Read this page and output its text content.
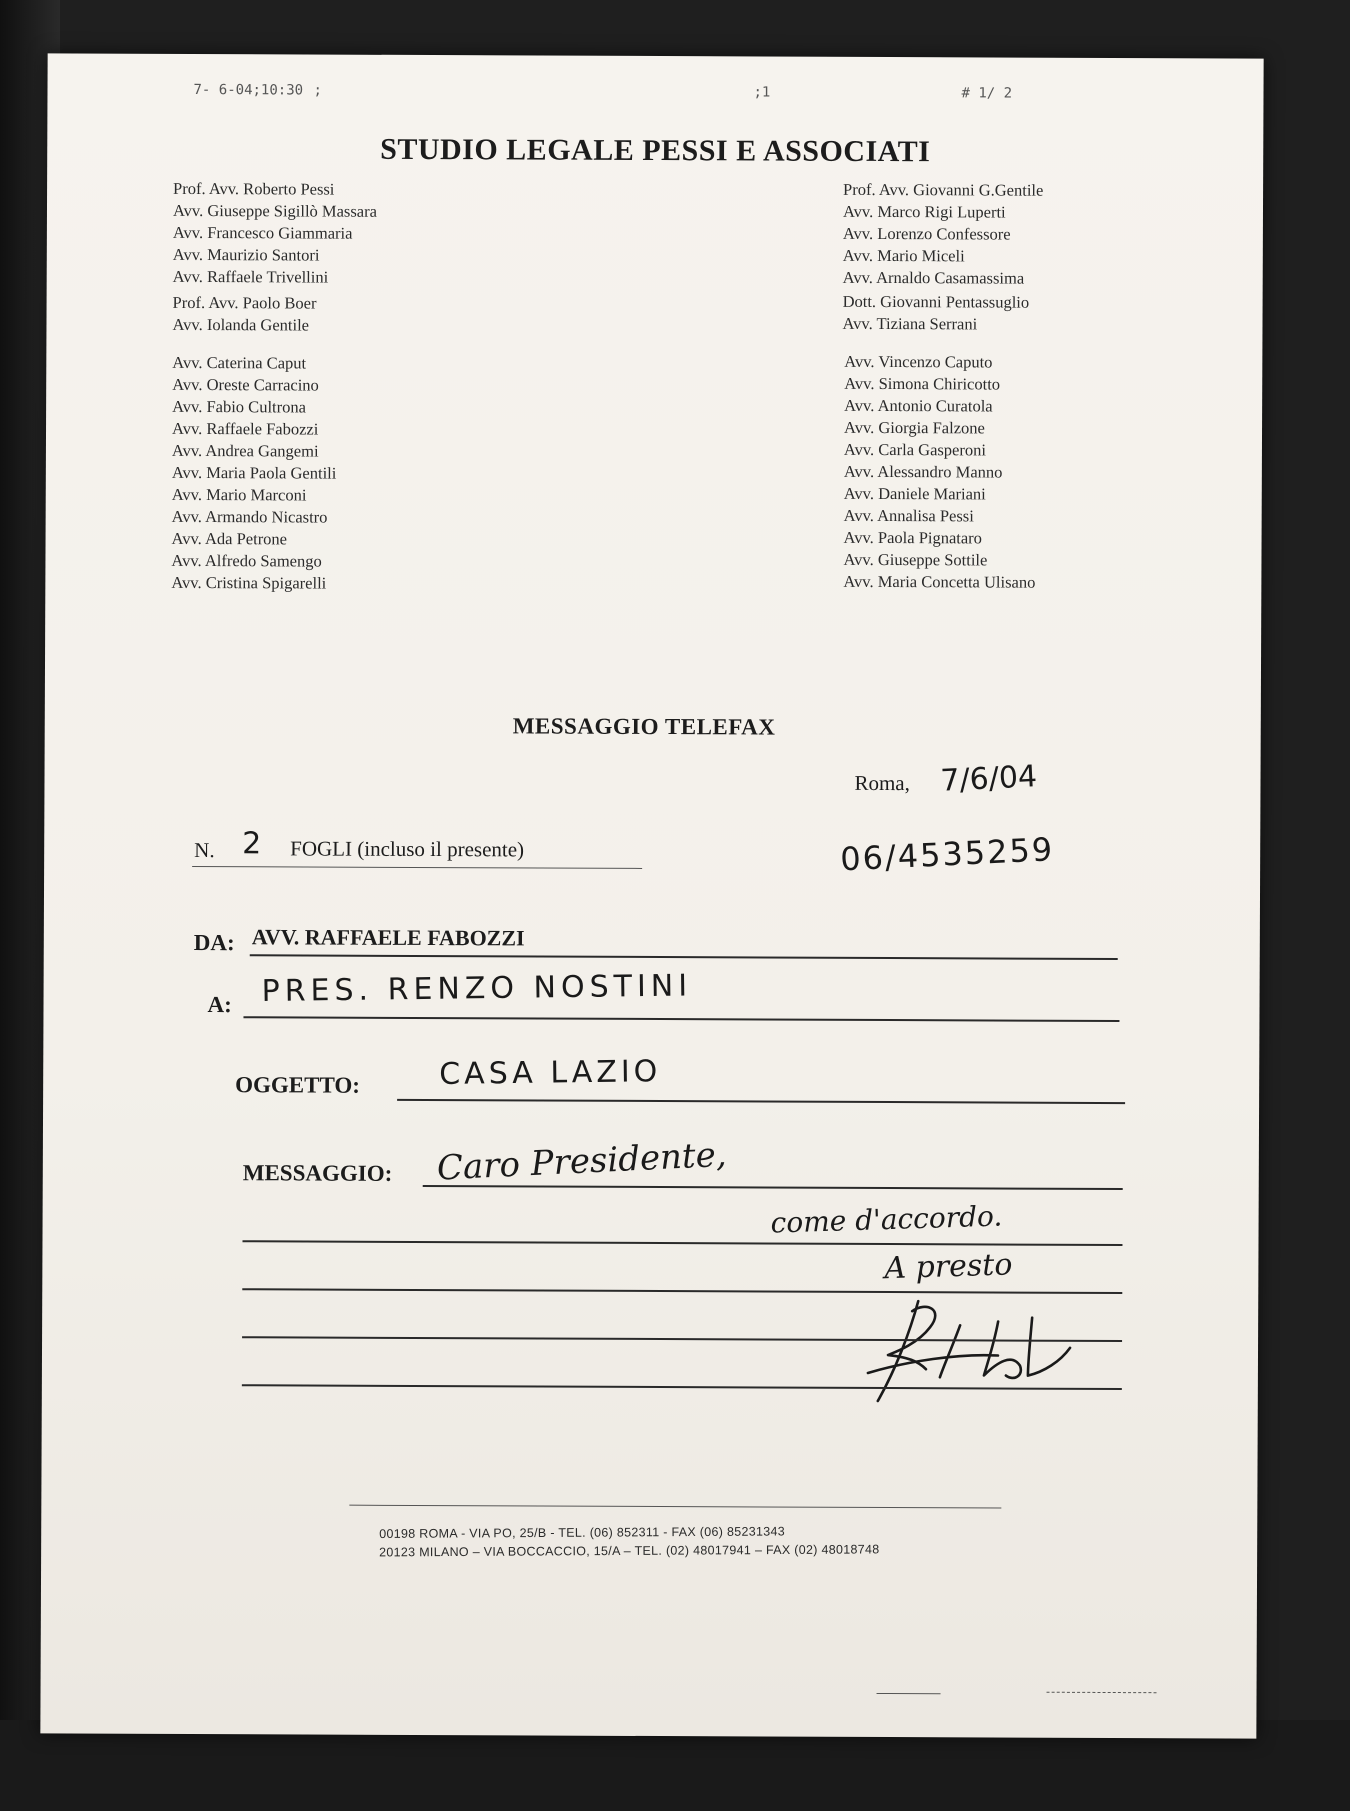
7- 6-04;10:30 ;	;1	# 1/ 2
STUDIO LEGALE PESSI E ASSOCIATI
Prof. Avv. Roberto Pessi
Avv. Giuseppe Sigillò Massara
Avv. Francesco Giammaria
Avv. Maurizio Santori
Avv. Raffaele Trivellini
Prof. Avv. Paolo Boer
Avv. Iolanda Gentile
Avv. Caterina Caput
Avv. Oreste Carracino
Avv. Fabio Cultrona
Avv. Raffaele Fabozzi
Avv. Andrea Gangemi
Avv. Maria Paola Gentili
Avv. Mario Marconi
Avv. Armando Nicastro
Avv. Ada Petrone
Avv. Alfredo Samengo
Avv. Cristina Spigarelli
Prof. Avv. Giovanni G.Gentile
Avv. Marco Rigi Luperti
Avv. Lorenzo Confessore
Avv. Mario Miceli
Avv. Arnaldo Casamassima
Dott. Giovanni Pentassuglio
Avv. Tiziana Serrani
Avv. Vincenzo Caputo
Avv. Simona Chiricotto
Avv. Antonio Curatola
Avv. Giorgia Falzone
Avv. Carla Gasperoni
Avv. Alessandro Manno
Avv. Daniele Mariani
Avv. Annalisa Pessi
Avv. Paola Pignataro
Avv. Giuseppe Sottile
Avv. Maria Concetta Ulisano
MESSAGGIO TELEFAX
Roma, 7/6/04
N. 2 FOGLI (incluso il presente)	06/4535259
DA: AVV. RAFFAELE FABOZZI
A: PRES. RENZO NOSTINI
OGGETTO:	CASA LAZIO
MESSAGGIO: Caro Presidente,
come d'accordo.
A presto
00198 ROMA - VIA PO, 25/B - TEL. (06) 852311 - FAX (06) 85231343
20123 MILANO – VIA BOCCACCIO, 15/A – TEL. (02) 48017941 – FAX (02) 48018748
